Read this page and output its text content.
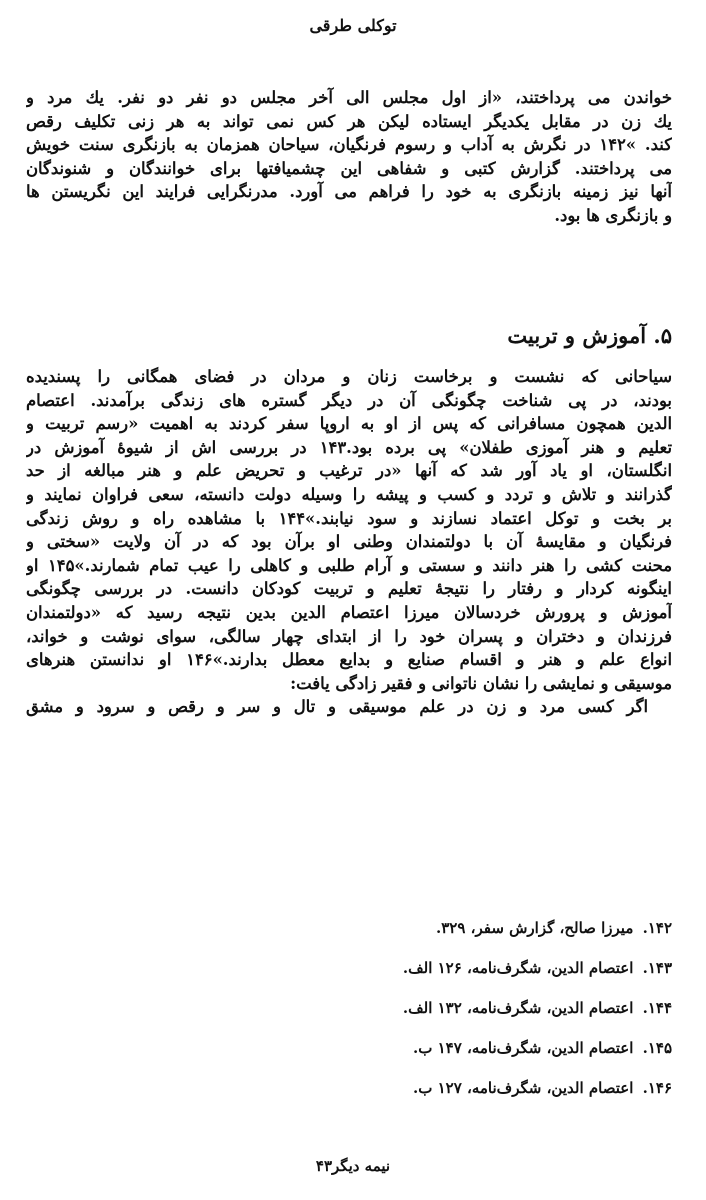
توکلی طرقی
خواندن می پرداختند، «از اول مجلس الی آخر مجلس دو نفر دو نفر. یك مرد و
یك زن در مقابل یکدیگر ایستاده لیکن هر کس نمی تواند به هر زنی تکلیف رقص
کند. »۱۴۲ در نگرش به آداب و رسوم فرنگیان، سیاحان همزمان به بازنگری سنت خویش
می پرداختند. گزارش کتبی و شفاهی این چشمیافتها برای خوانندگان و شنوندگان
آنها نیز زمینه بازنگری به خود را فراهم می آورد. مدرنگرایی فرایند این نگریستن ها
و بازنگری ها بود.
۵. آموزش و تربیت
سیاحانی که نشست و برخاست زنان و مردان در فضای همگانی را پسندیده
بودند، در پی شناخت چگونگی آن در دیگر گستره های زندگی برآمدند. اعتصام
الدین همچون مسافرانی که پس از او به اروپا سفر کردند به اهمیت «رسم تربیت و
تعلیم و هنر آموزی طفلان» پی برده بود.۱۴۳ در بررسی اش از شیوهٔ آموزش در
انگلستان، او یاد آور شد که آنها «در ترغیب و تحریض علم و هنر مبالغه از حد
گذرانند و تلاش و تردد و کسب و پیشه را وسیله دولت دانسته، سعی فراوان نمایند و
بر بخت و توکل اعتماد نسازند و سود نیابند.»۱۴۴ با مشاهده راه و روش زندگی
فرنگیان و مقایسهٔ آن با دولتمندان وطنی او برآن بود که در آن ولایت «سختی و
محنت کشی را هنر دانند و سستی و آرام طلبی و کاهلی را عیب تمام شمارند.»۱۴۵ او
اینگونه کردار و رفتار را نتیجهٔ تعلیم و تربیت کودکان دانست. در بررسی چگونگی
آموزش و پرورش خردسالان میرزا اعتصام الدین بدین نتیجه رسید که «دولتمندان
فرزندان و دختران و پسران خود را از ابتدای چهار سالگی، سوای نوشت و خواند،
انواع علم و هنر و اقسام صنایع و بدایع معطل بدارند.»۱۴۶ او ندانستن هنرهای
موسیقی و نمایشی را نشان ناتوانی و فقیر زادگی یافت:
اگر کسی مرد و زن در علم موسیقی و تال و سر و رقص و سرود و مشق
۱۴۲. میرزا صالح، گزارش سفر، ۳۲۹.
۱۴۳. اعتصام الدین، شگرف‌نامه، ۱۲۶ الف.
۱۴۴. اعتصام الدین، شگرف‌نامه، ۱۳۲ الف.
۱۴۵. اعتصام الدین، شگرف‌نامه، ۱۴۷ ب.
۱۴۶. اعتصام الدین، شگرف‌نامه، ۱۲۷ ب.
نیمه دیگر۴۳
